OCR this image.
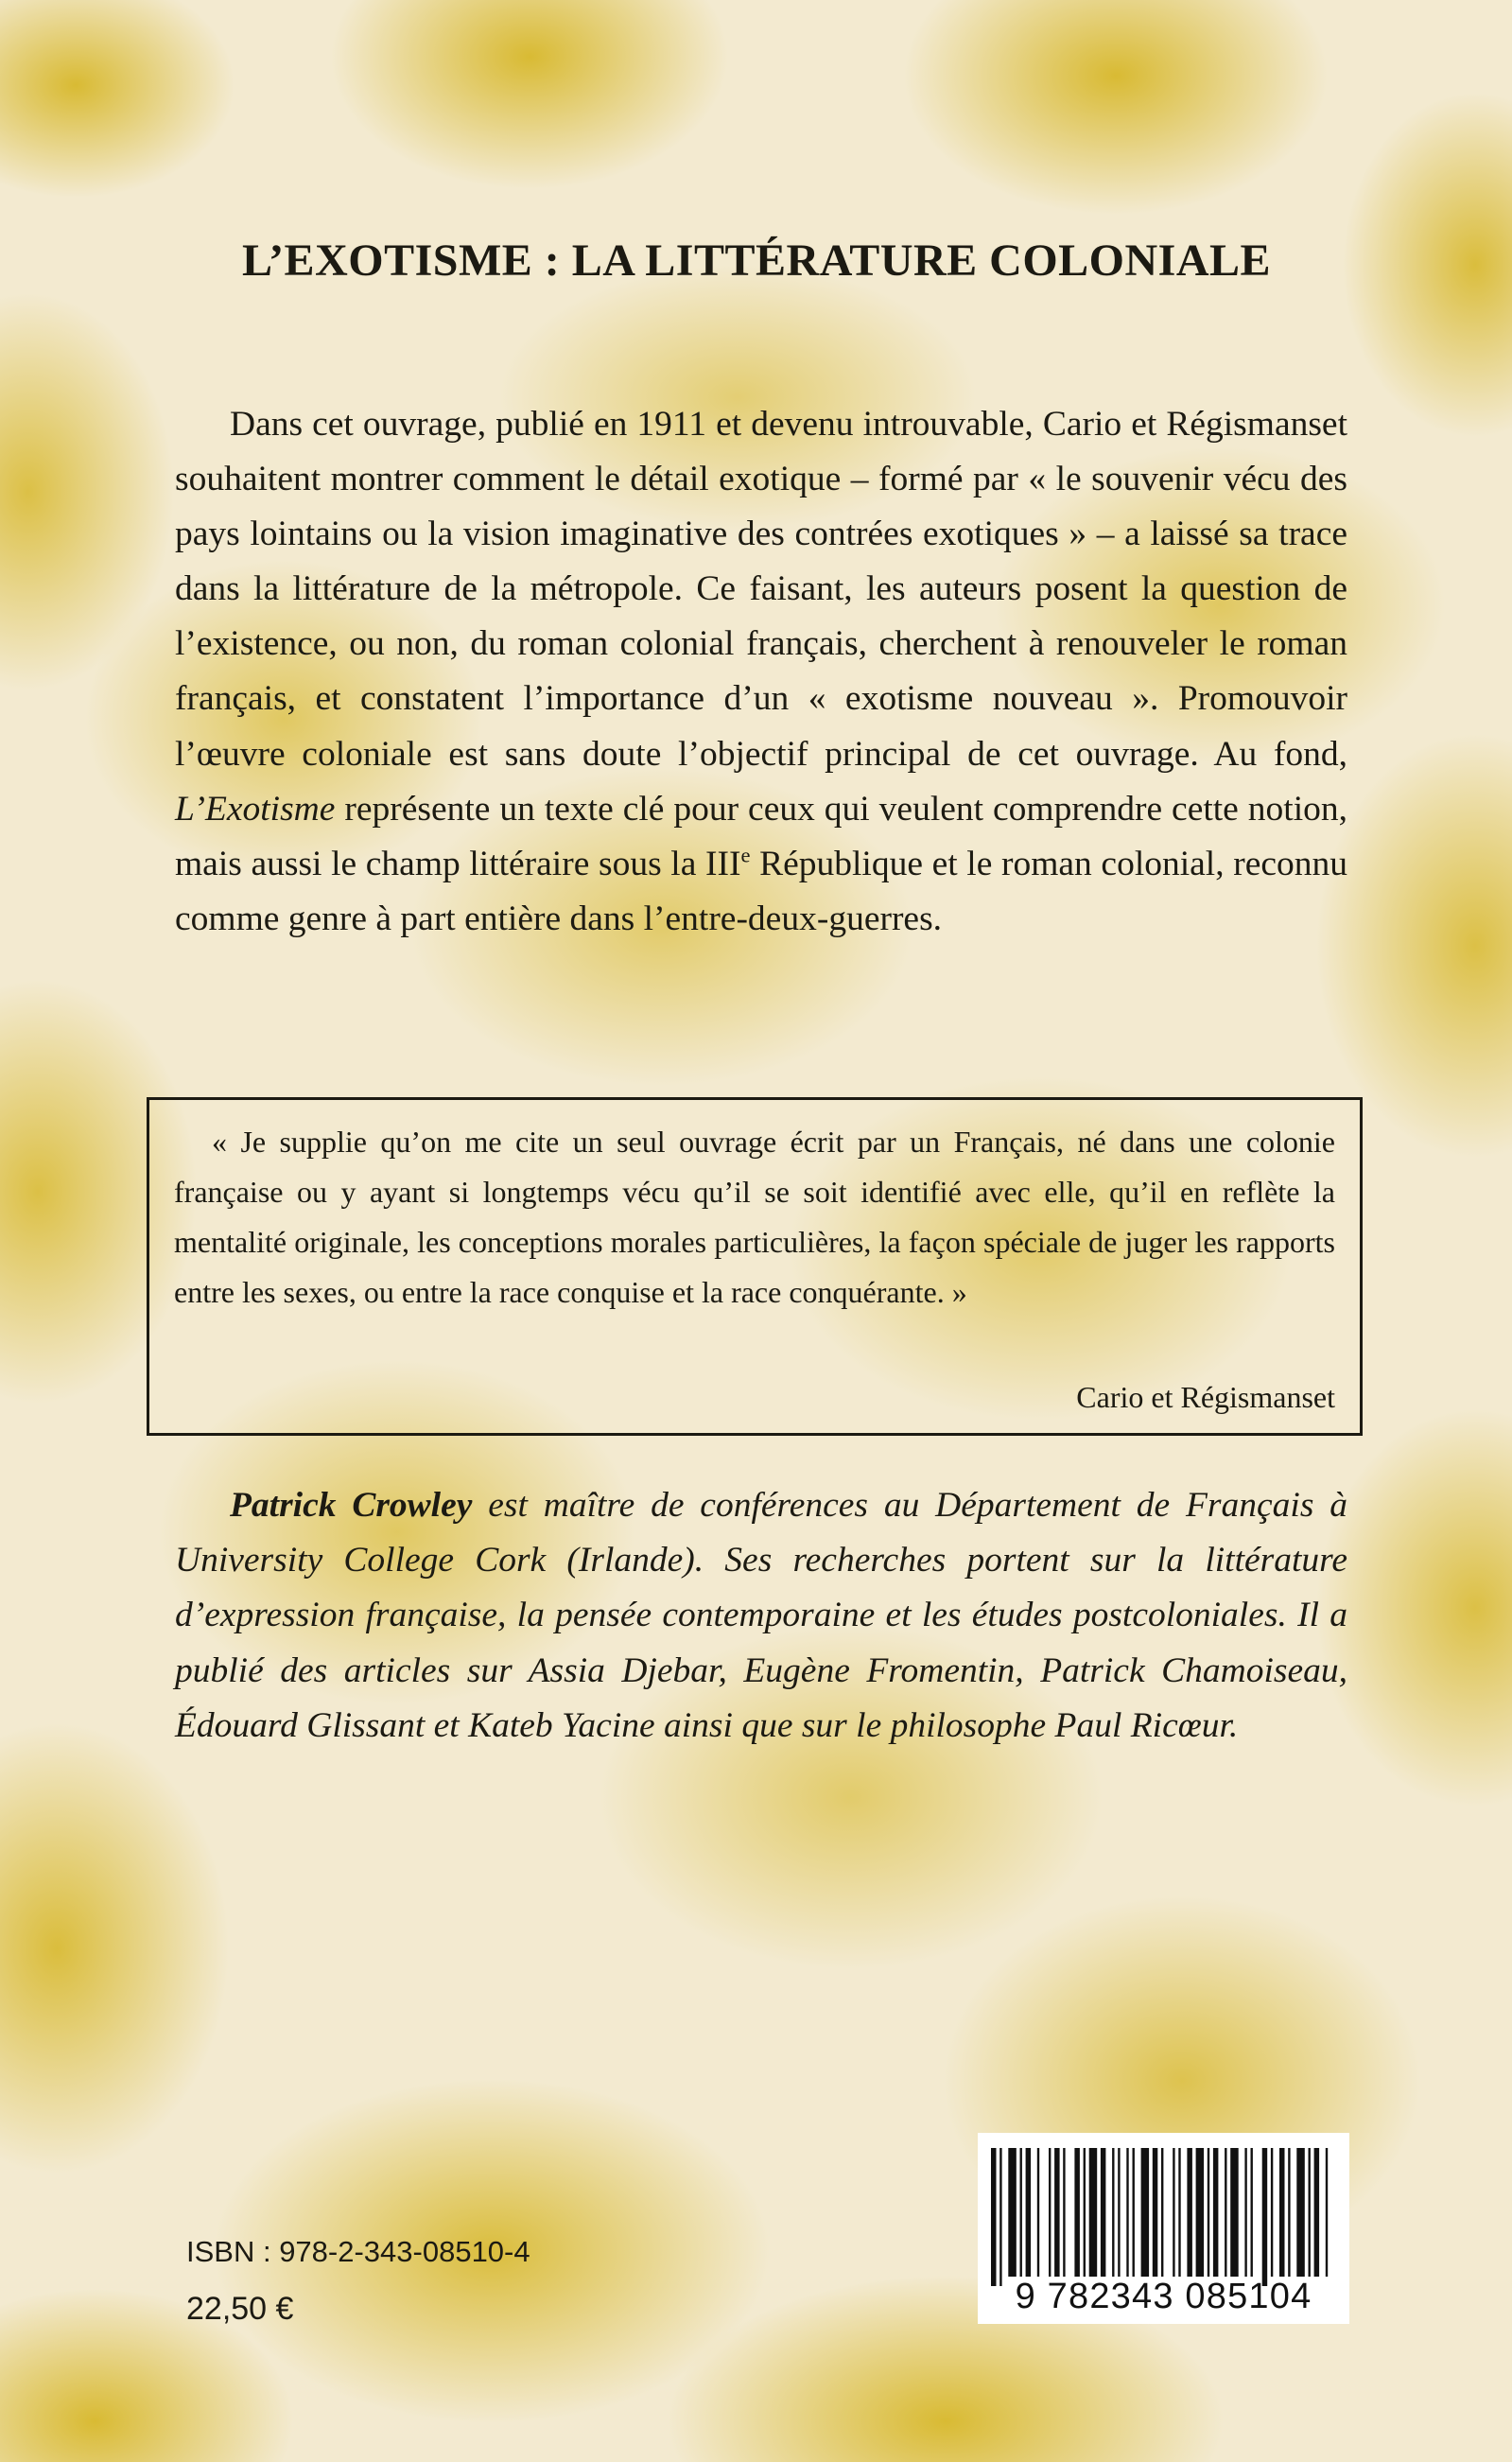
L’EXOTISME : LA LITTÉRATURE COLONIALE
Dans cet ouvrage, publié en 1911 et devenu introuvable, Cario et Régismanset souhaitent montrer comment le détail exotique – formé par « le souvenir vécu des pays lointains ou la vision imaginative des contrées exotiques » – a laissé sa trace dans la littérature de la métropole. Ce faisant, les auteurs posent la question de l’existence, ou non, du roman colonial français, cherchent à renouveler le roman français, et constatent l’importance d’un « exotisme nouveau ». Promouvoir l’œuvre coloniale est sans doute l’objectif principal de cet ouvrage. Au fond, L’Exotisme représente un texte clé pour ceux qui veulent comprendre cette notion, mais aussi le champ littéraire sous la IIIe République et le roman colonial, reconnu comme genre à part entière dans l’entre-deux-guerres.
« Je supplie qu’on me cite un seul ouvrage écrit par un Français, né dans une colonie française ou y ayant si longtemps vécu qu’il se soit identifié avec elle, qu’il en reflète la mentalité originale, les conceptions morales particulières, la façon spéciale de juger les rapports entre les sexes, ou entre la race conquise et la race conquérante. »
Cario et Régismanset
Patrick Crowley est maître de conférences au Département de Français à University College Cork (Irlande). Ses recherches portent sur la littérature d’expression française, la pensée contemporaine et les études postcoloniales. Il a publié des articles sur Assia Djebar, Eugène Fromentin, Patrick Chamoiseau, Édouard Glissant et Kateb Yacine ainsi que sur le philosophe Paul Ricœur.
ISBN : 978-2-343-08510-4
22,50 €	9 782343 085104
